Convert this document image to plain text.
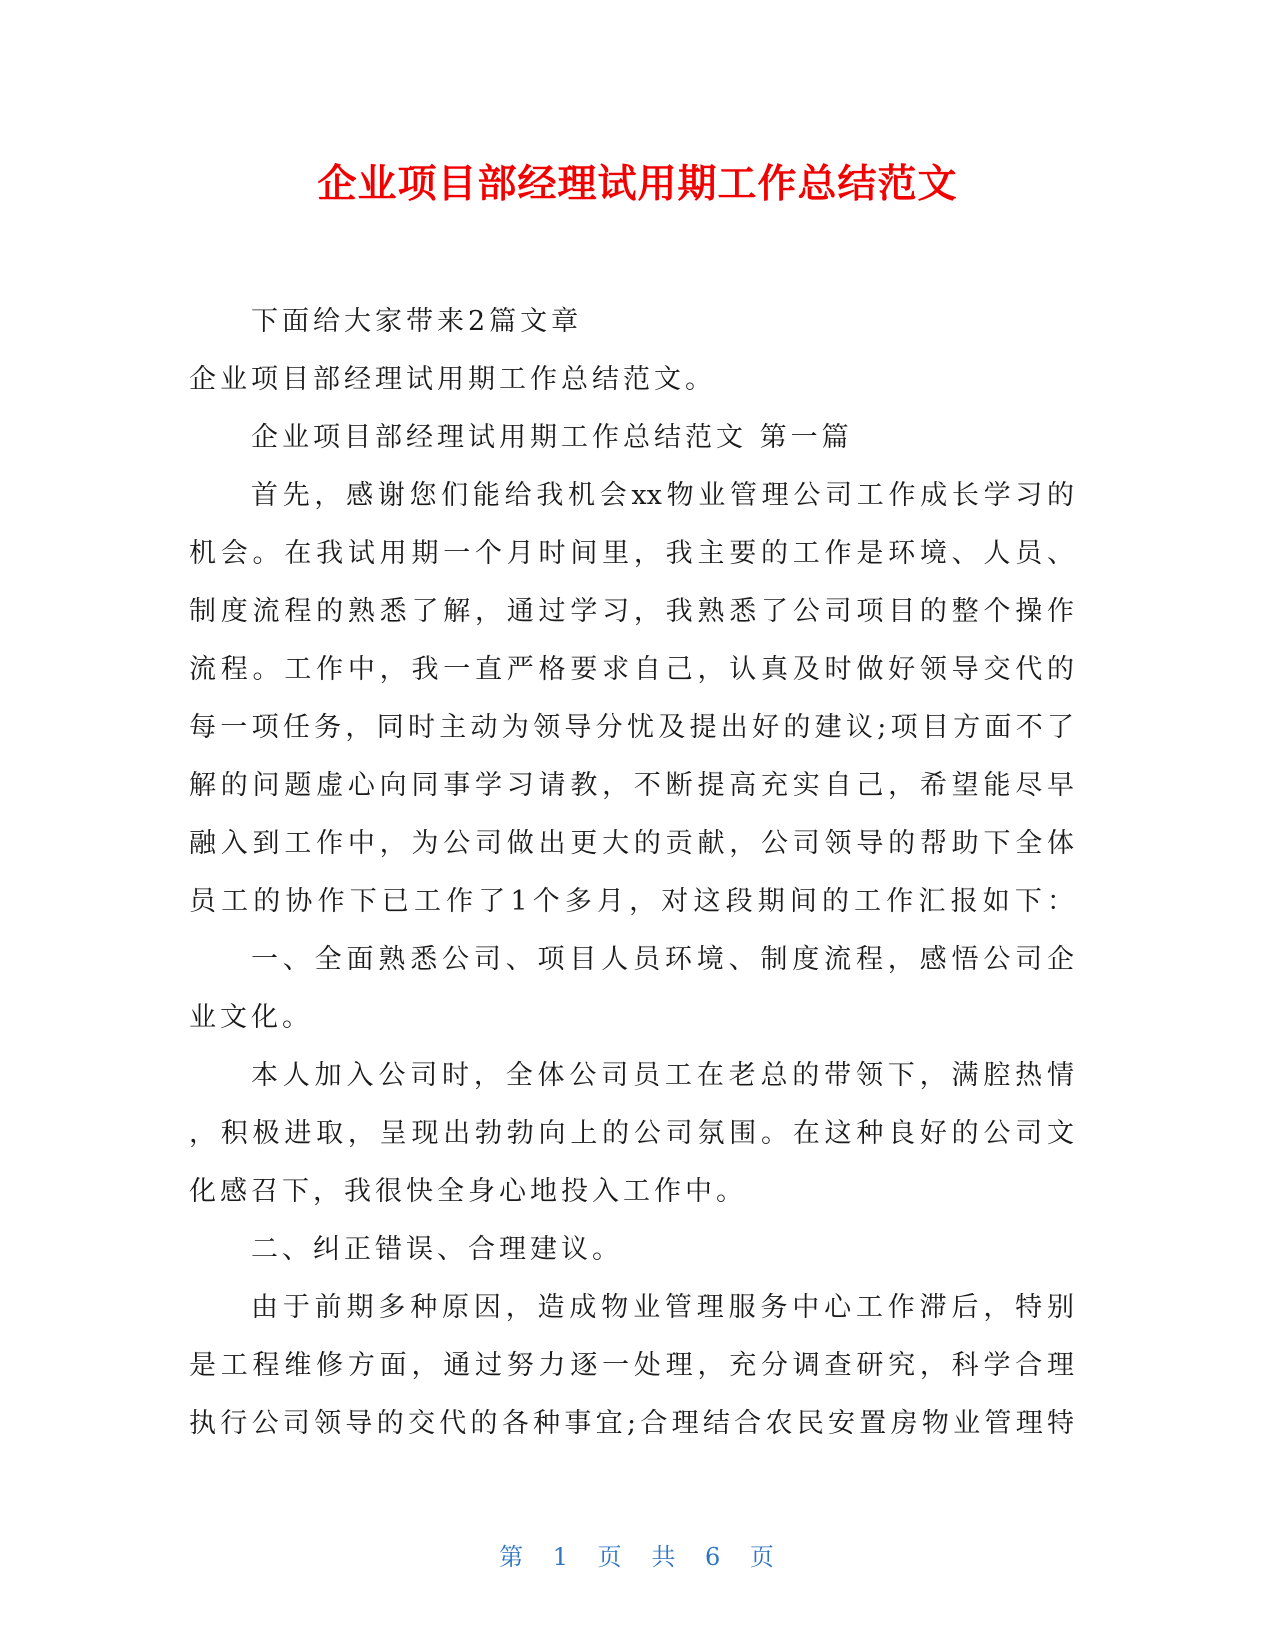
企业项目部经理试用期工作总结范文
下面给大家带来2篇文章
企业项目部经理试用期工作总结范文。
企业项目部经理试用期工作总结范文 第一篇
首先，感谢您们能给我机会xx物业管理公司工作成长学习的
机会。在我试用期一个月时间里，我主要的工作是环境、人员、
制度流程的熟悉了解，通过学习，我熟悉了公司项目的整个操作
流程。工作中，我一直严格要求自己，认真及时做好领导交代的
每一项任务，同时主动为领导分忧及提出好的建议;项目方面不了
解的问题虚心向同事学习请教，不断提高充实自己，希望能尽早
融入到工作中，为公司做出更大的贡献，公司领导的帮助下全体
员工的协作下已工作了1个多月，对这段期间的工作汇报如下：
一、全面熟悉公司、项目人员环境、制度流程，感悟公司企
业文化。
本人加入公司时，全体公司员工在老总的带领下，满腔热情
，积极进取，呈现出勃勃向上的公司氛围。在这种良好的公司文
化感召下，我很快全身心地投入工作中。
二、纠正错误、合理建议。
由于前期多种原因，造成物业管理服务中心工作滞后，特别
是工程维修方面，通过努力逐一处理，充分调查研究，科学合理
执行公司领导的交代的各种事宜;合理结合农民安置房物业管理特
第 1 页 共 6 页
